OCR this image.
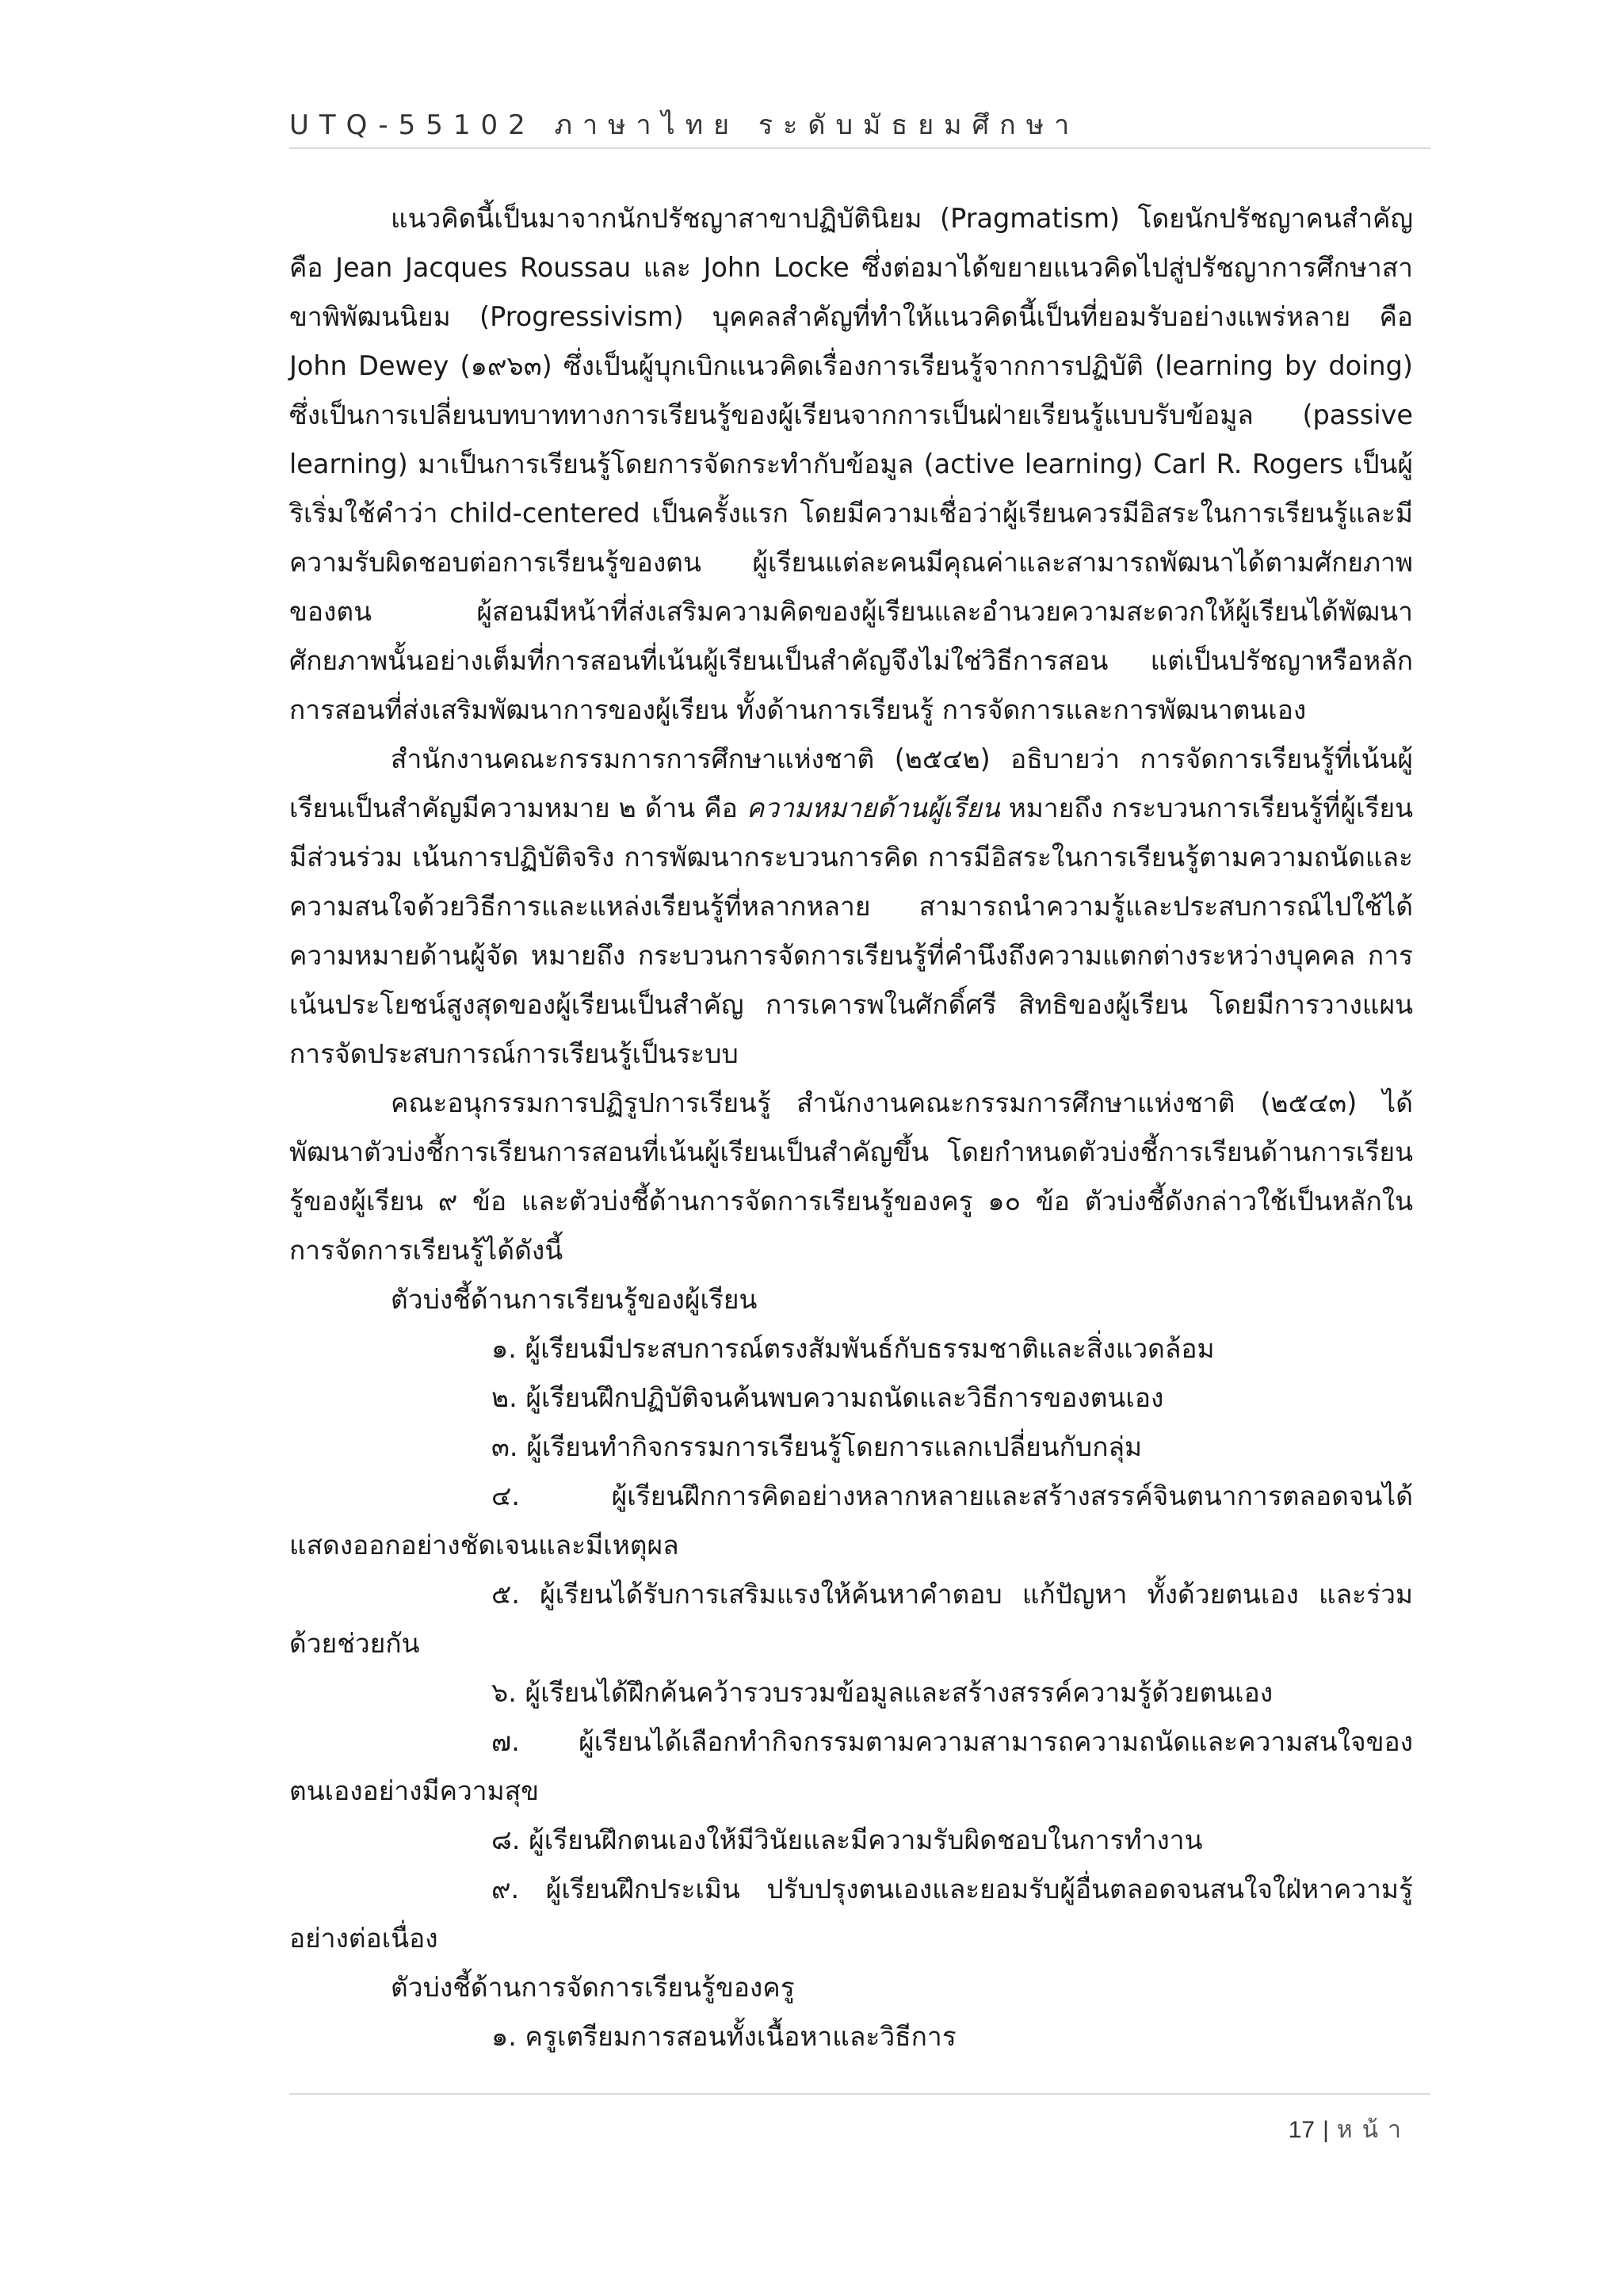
UTQ-55102 ภาษาไทย ระดับมัธยมศึกษา

แนวคิดนี้เป็นมาจากนักปรัชญาสาขาปฏิบัตินิยม (Pragmatism) โดยนักปรัชญาคนสำคัญ คือ Jean Jacques Roussau และ John Locke ซึ่งต่อมาได้ขยายแนวคิดไปสู่ปรัชญาการศึกษาสาขาพิพัฒนนิยม (Progressivism) บุคคลสำคัญที่ทำให้แนวคิดนี้เป็นที่ยอมรับอย่างแพร่หลาย คือ John Dewey (๑๙๖๓) ซึ่งเป็นผู้บุกเบิกแนวคิดเรื่องการเรียนรู้จากการปฏิบัติ (learning by doing) ซึ่งเป็นการเปลี่ยนบทบาททางการเรียนรู้ของผู้เรียนจากการเป็นฝ่ายเรียนรู้แบบรับข้อมูล (passive learning) มาเป็นการเรียนรู้โดยการจัดกระทำกับข้อมูล (active learning) Carl R. Rogers เป็นผู้ริเริ่มใช้คำว่า child-centered เป็นครั้งแรก โดยมีความเชื่อว่าผู้เรียนควรมีอิสระในการเรียนรู้และมีความรับผิดชอบต่อการเรียนรู้ของตน ผู้เรียนแต่ละคนมีคุณค่าและสามารถพัฒนาได้ตามศักยภาพของตน ผู้สอนมีหน้าที่ส่งเสริมความคิดของผู้เรียนและอำนวยความสะดวกให้ผู้เรียนได้พัฒนาศักยภาพนั้นอย่างเต็มที่การสอนที่เน้นผู้เรียนเป็นสำคัญจึงไม่ใช่วิธีการสอน แต่เป็นปรัชญาหรือหลักการสอนที่ส่งเสริมพัฒนาการของผู้เรียน ทั้งด้านการเรียนรู้ การจัดการและการพัฒนาตนเอง

สำนักงานคณะกรรมการการศึกษาแห่งชาติ (๒๕๔๒) อธิบายว่า การจัดการเรียนรู้ที่เน้นผู้เรียนเป็นสำคัญมีความหมาย ๒ ด้าน คือ ความหมายด้านผู้เรียน หมายถึง กระบวนการเรียนรู้ที่ผู้เรียนมีส่วนร่วม เน้นการปฏิบัติจริง การพัฒนากระบวนการคิด การมีอิสระในการเรียนรู้ตามความถนัดและความสนใจด้วยวิธีการและแหล่งเรียนรู้ที่หลากหลาย สามารถนำความรู้และประสบการณ์ไปใช้ได้ ความหมายด้านผู้จัด หมายถึง กระบวนการจัดการเรียนรู้ที่คำนึงถึงความแตกต่างระหว่างบุคคล การเน้นประโยชน์สูงสุดของผู้เรียนเป็นสำคัญ การเคารพในศักดิ์ศรี สิทธิของผู้เรียน โดยมีการวางแผนการจัดประสบการณ์การเรียนรู้เป็นระบบ

คณะอนุกรรมการปฏิรูปการเรียนรู้ สำนักงานคณะกรรมการศึกษาแห่งชาติ (๒๕๔๓) ได้พัฒนาตัวบ่งชี้การเรียนการสอนที่เน้นผู้เรียนเป็นสำคัญขึ้น โดยกำหนดตัวบ่งชี้การเรียนด้านการเรียนรู้ของผู้เรียน ๙ ข้อ และตัวบ่งชี้ด้านการจัดการเรียนรู้ของครู ๑๐ ข้อ ตัวบ่งชี้ดังกล่าวใช้เป็นหลักในการจัดการเรียนรู้ได้ดังนี้

ตัวบ่งชี้ด้านการเรียนรู้ของผู้เรียน

๑. ผู้เรียนมีประสบการณ์ตรงสัมพันธ์กับธรรมชาติและสิ่งแวดล้อม

๒. ผู้เรียนฝึกปฏิบัติจนค้นพบความถนัดและวิธีการของตนเอง

๓. ผู้เรียนทำกิจกรรมการเรียนรู้โดยการแลกเปลี่ยนกับกลุ่ม

๔. ผู้เรียนฝึกการคิดอย่างหลากหลายและสร้างสรรค์จินตนาการตลอดจนได้แสดงออกอย่างชัดเจนและมีเหตุผล

๕. ผู้เรียนได้รับการเสริมแรงให้ค้นหาคำตอบ แก้ปัญหา ทั้งด้วยตนเอง และร่วมด้วยช่วยกัน

๖. ผู้เรียนได้ฝึกค้นคว้ารวบรวมข้อมูลและสร้างสรรค์ความรู้ด้วยตนเอง

๗. ผู้เรียนได้เลือกทำกิจกรรมตามความสามารถความถนัดและความสนใจของตนเองอย่างมีความสุข

๘. ผู้เรียนฝึกตนเองให้มีวินัยและมีความรับผิดชอบในการทำงาน

๙. ผู้เรียนฝึกประเมิน ปรับปรุงตนเองและยอมรับผู้อื่นตลอดจนสนใจใฝ่หาความรู้อย่างต่อเนื่อง

ตัวบ่งชี้ด้านการจัดการเรียนรู้ของครู

๑. ครูเตรียมการสอนทั้งเนื้อหาและวิธีการ

17 | หน้า
